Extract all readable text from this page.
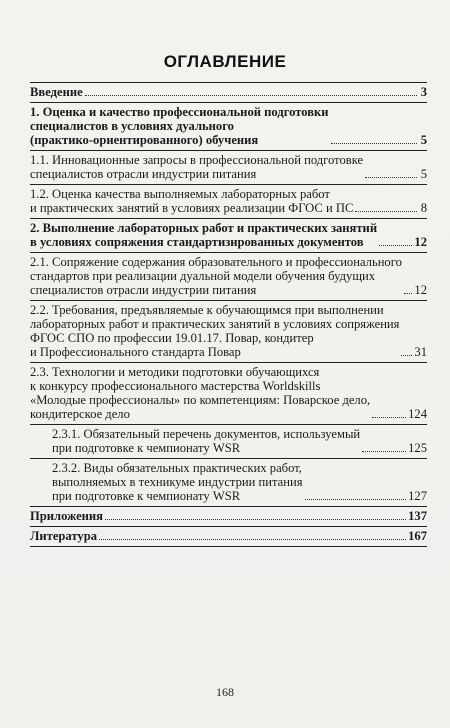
ОГЛАВЛЕНИЕ
Введение	3
1. Оценка и качество профессиональной подготовки
специалистов в условиях дуального
(практико-ориентированного) обучения	5
1.1. Инновационные запросы в профессиональной подготовке
специалистов отрасли индустрии питания	5
1.2. Оценка качества выполняемых лабораторных работ
и практических занятий в условиях реализации ФГОС и ПС	8
2. Выполнение лабораторных работ и практических занятий
в условиях сопряжения стандартизированных документов	12
2.1. Сопряжение содержания образовательного и профессионального
стандартов при реализации дуальной модели обучения будущих
специалистов отрасли индустрии питания	12
2.2. Требования, предъявляемые к обучающимся при выполнении
лабораторных работ и практических занятий в условиях сопряжения
ФГОС СПО по профессии 19.01.17. Повар, кондитер
и Профессионального стандарта Повар	31
2.3. Технологии и методики подготовки обучающихся
к конкурсу профессионального мастерства Worldskills
«Молодые профессионалы» по компетенциям: Поварское дело,
кондитерское дело	124
2.3.1. Обязательный перечень документов, используемый
при подготовке к чемпионату WSR	125
2.3.2. Виды обязательных практических работ,
выполняемых в техникуме индустрии питания
при подготовке к чемпионату WSR	127
Приложения	137
Литература	167
168
